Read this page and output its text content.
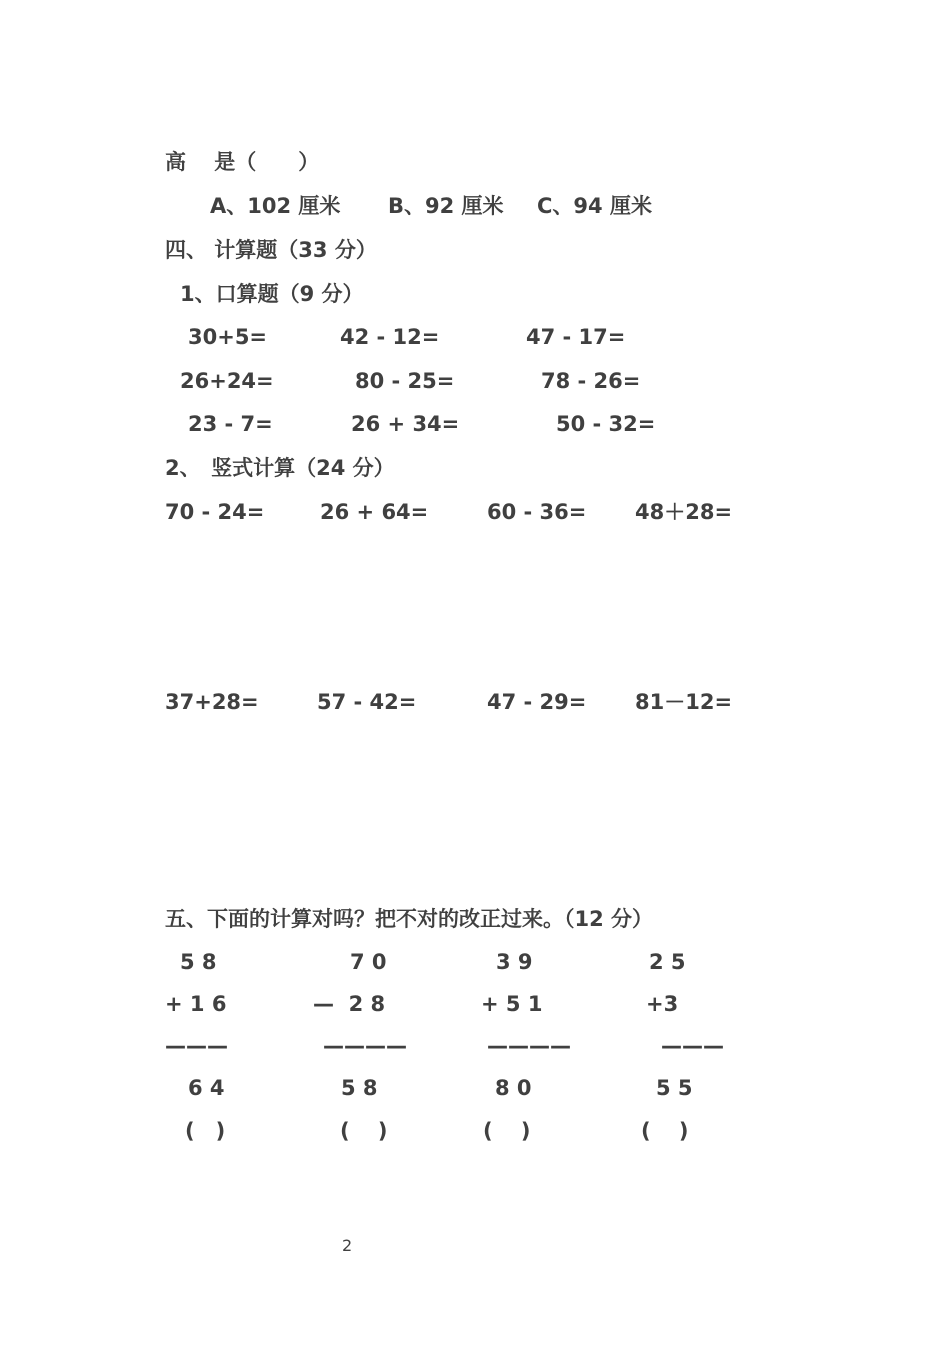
高　 是（　　）
A、102 厘米 B、92 厘米 C、94 厘米
四、 计算题（33 分）
1、口算题（9 分）
30+5=	42 - 12=	47 - 17=
26+24=	80 - 25=	78 - 26=
23 - 7=	26 + 34=	50 - 32=
2、　竖式计算（24 分）
70 - 24=	26 + 64=	60 - 36= 48＋28=
37+28=	57 - 42=	47 - 29= 81－12=
五、下面的计算对吗？把不对的改正过来。（12 分）
5 8
+ 1 6
———
6 4
(　)
7 0
—  2 8
————
5 8
(　 )
3 9
+ 5 1
————
8 0
(　 )
2 5
+3
———
5 5
(　 )
2
